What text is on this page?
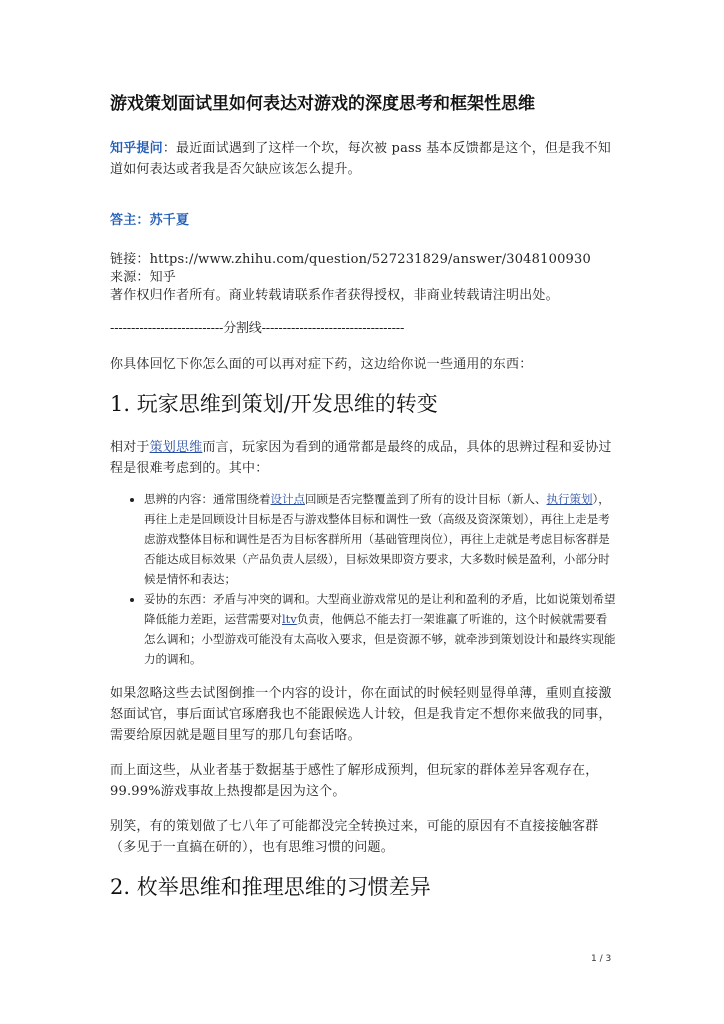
游戏策划面试里如何表达对游戏的深度思考和框架性思维

知乎提问：最近面试遇到了这样一个坎，每次被 pass 基本反馈都是这个，但是我不知道如何表达或者我是否欠缺应该怎么提升。

答主：苏千夏

链接：https://www.zhihu.com/question/527231829/answer/3048100930

来源：知乎

著作权归作者所有。商业转载请联系作者获得授权，非商业转载请注明出处。

---------------------------分割线----------------------------------

你具体回忆下你怎么面的可以再对症下药，这边给你说一些通用的东西：

1. 玩家思维到策划/开发思维的转变

相对于策划思维而言，玩家因为看到的通常都是最终的成品，具体的思辨过程和妥协过程是很难考虑到的。其中：

• 思辨的内容：通常围绕着设计点回顾是否完整覆盖到了所有的设计目标（新人、执行策划），再往上走是回顾设计目标是否与游戏整体目标和调性一致（高级及资深策划），再往上走是考虑游戏整体目标和调性是否为目标客群所用（基础管理岗位），再往上走就是考虑目标客群是否能达成目标效果（产品负责人层级），目标效果即资方要求，大多数时候是盈利，小部分时候是情怀和表达；
• 妥协的东西：矛盾与冲突的调和。大型商业游戏常见的是让利和盈利的矛盾，比如说策划希望降低能力差距，运营需要对ltv负责，他俩总不能去打一架谁赢了听谁的，这个时候就需要看怎么调和；小型游戏可能没有太高收入要求，但是资源不够，就牵涉到策划设计和最终实现能力的调和。

如果忽略这些去试图倒推一个内容的设计，你在面试的时候轻则显得单薄，重则直接激怒面试官，事后面试官琢磨我也不能跟候选人计较，但是我肯定不想你来做我的同事，需要给原因就是题目里写的那几句套话咯。

而上面这些，从业者基于数据基于感性了解形成预判，但玩家的群体差异客观存在，99.99%游戏事故上热搜都是因为这个。

别笑，有的策划做了七八年了可能都没完全转换过来，可能的原因有不直接接触客群（多见于一直搞在研的），也有思维习惯的问题。

2. 枚举思维和推理思维的习惯差异
1 / 3
